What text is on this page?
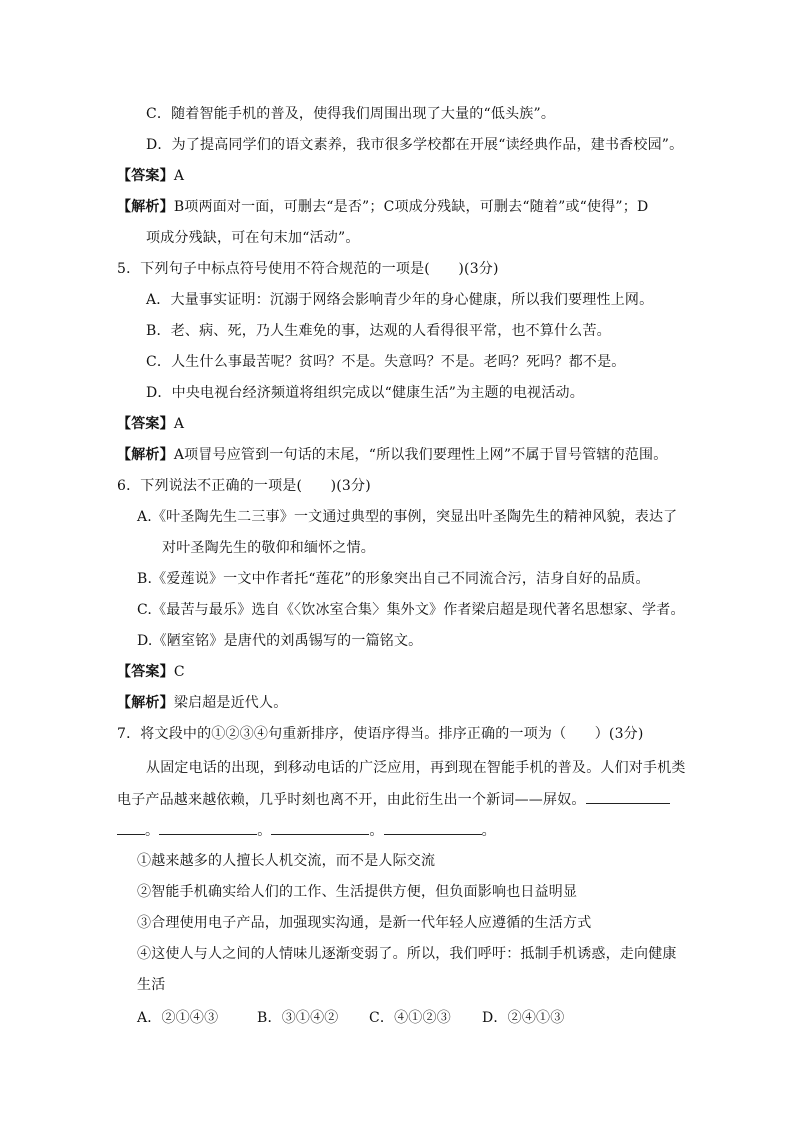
C．随着智能手机的普及，使得我们周围出现了大量的“低头族”。
D．为了提高同学们的语文素养，我市很多学校都在开展“读经典作品，建书香校园”。
【答案】A
【解析】B项两面对一面，可删去“是否”；C项成分残缺，可删去“随着”或“使得”；D
项成分残缺，可在句末加“活动”。
5．下列句子中标点符号使用不符合规范的一项是(　　)(3分)
A．大量事实证明：沉溺于网络会影响青少年的身心健康，所以我们要理性上网。
B．老、病、死，乃人生难免的事，达观的人看得很平常，也不算什么苦。
C．人生什么事最苦呢？贫吗？不是。失意吗？不是。老吗？死吗？都不是。
D．中央电视台经济频道将组织完成以“健康生活”为主题的电视活动。
【答案】A
【解析】A项冒号应管到一句话的末尾，“所以我们要理性上网”不属于冒号管辖的范围。
6．下列说法不正确的一项是(　　)(3分)
A.《叶圣陶先生二三事》一文通过典型的事例，突显出叶圣陶先生的精神风貌，表达了
对叶圣陶先生的敬仰和缅怀之情。
B.《爱莲说》一文中作者托“莲花”的形象突出自己不同流合污，洁身自好的品质。
C.《最苦与最乐》选自《〈饮冰室合集〉集外文》作者梁启超是现代著名思想家、学者。
D.《陋室铭》是唐代的刘禹锡写的一篇铭文。
【答案】C
【解析】梁启超是近代人。
7．将文段中的①②③④句重新排序，使语序得当。排序正确的一项为（　　）(3分)
从固定电话的出现，到移动电话的广泛应用，再到现在智能手机的普及。人们对手机类
电子产品越来越依赖，几乎时刻也离不开，由此衍生出一个新词——屏奴。
。	。	。	。
①越来越多的人擅长人机交流，而不是人际交流
②智能手机确实给人们的工作、生活提供方便，但负面影响也日益明显
③合理使用电子产品，加强现实沟通，是新一代年轻人应遵循的生活方式
④这使人与人之间的人情味儿逐渐变弱了。所以，我们呼吁：抵制手机诱惑，走向健康
生活
A．②①④③	B．③①④② C．④①②③ D．②④①③
